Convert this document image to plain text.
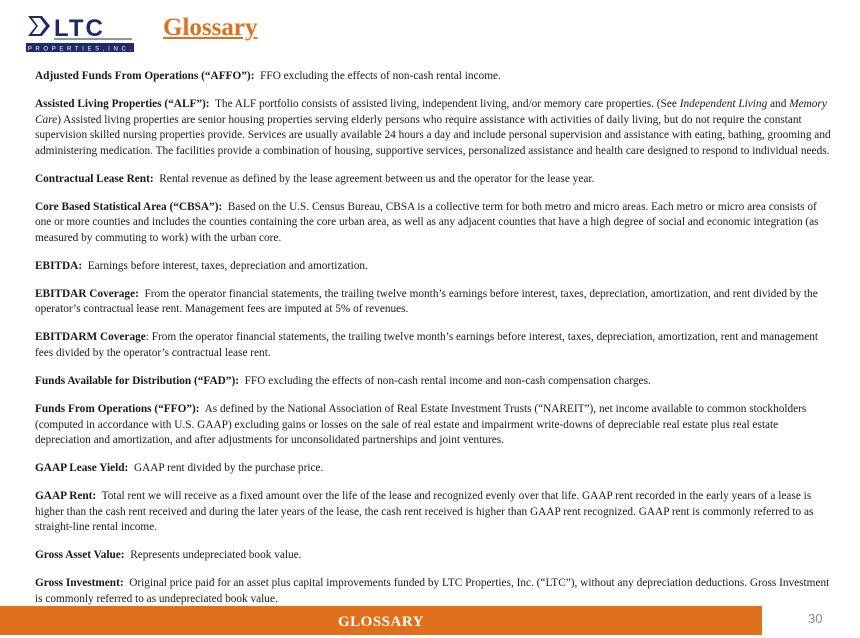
LTC
P R O P E R T I E S , I N C .
Glossary

Adjusted Funds From Operations (“AFFO”): FFO excluding the effects of non-cash rental income.

Assisted Living Properties (“ALF”): The ALF portfolio consists of assisted living, independent living, and/or memory care properties. (See Independent Living and Memory Care) Assisted living properties are senior housing properties serving elderly persons who require assistance with activities of daily living, but do not require the constant supervision skilled nursing properties provide. Services are usually available 24 hours a day and include personal supervision and assistance with eating, bathing, grooming and administering medication. The facilities provide a combination of housing, supportive services, personalized assistance and health care designed to respond to individual needs.

Contractual Lease Rent: Rental revenue as defined by the lease agreement between us and the operator for the lease year.

Core Based Statistical Area (“CBSA”): Based on the U.S. Census Bureau, CBSA is a collective term for both metro and micro areas. Each metro or micro area consists of one or more counties and includes the counties containing the core urban area, as well as any adjacent counties that have a high degree of social and economic integration (as measured by commuting to work) with the urban core.

EBITDA: Earnings before interest, taxes, depreciation and amortization.

EBITDAR Coverage: From the operator financial statements, the trailing twelve month’s earnings before interest, taxes, depreciation, amortization, and rent divided by the operator’s contractual lease rent. Management fees are imputed at 5% of revenues.

EBITDARM Coverage: From the operator financial statements, the trailing twelve month’s earnings before interest, taxes, depreciation, amortization, rent and management fees divided by the operator’s contractual lease rent.

Funds Available for Distribution (“FAD”): FFO excluding the effects of non-cash rental income and non-cash compensation charges.

Funds From Operations (“FFO”): As defined by the National Association of Real Estate Investment Trusts (“NAREIT”), net income available to common stockholders (computed in accordance with U.S. GAAP) excluding gains or losses on the sale of real estate and impairment write-downs of depreciable real estate plus real estate depreciation and amortization, and after adjustments for unconsolidated partnerships and joint ventures.

GAAP Lease Yield: GAAP rent divided by the purchase price.

GAAP Rent: Total rent we will receive as a fixed amount over the life of the lease and recognized evenly over that life. GAAP rent recorded in the early years of a lease is higher than the cash rent received and during the later years of the lease, the cash rent received is higher than GAAP rent recognized. GAAP rent is commonly referred to as straight-line rental income.

Gross Asset Value: Represents undepreciated book value.

Gross Investment: Original price paid for an asset plus capital improvements funded by LTC Properties, Inc. (“LTC”), without any depreciation deductions. Gross Investment is commonly referred to as undepreciated book value.

GLOSSARY	30
